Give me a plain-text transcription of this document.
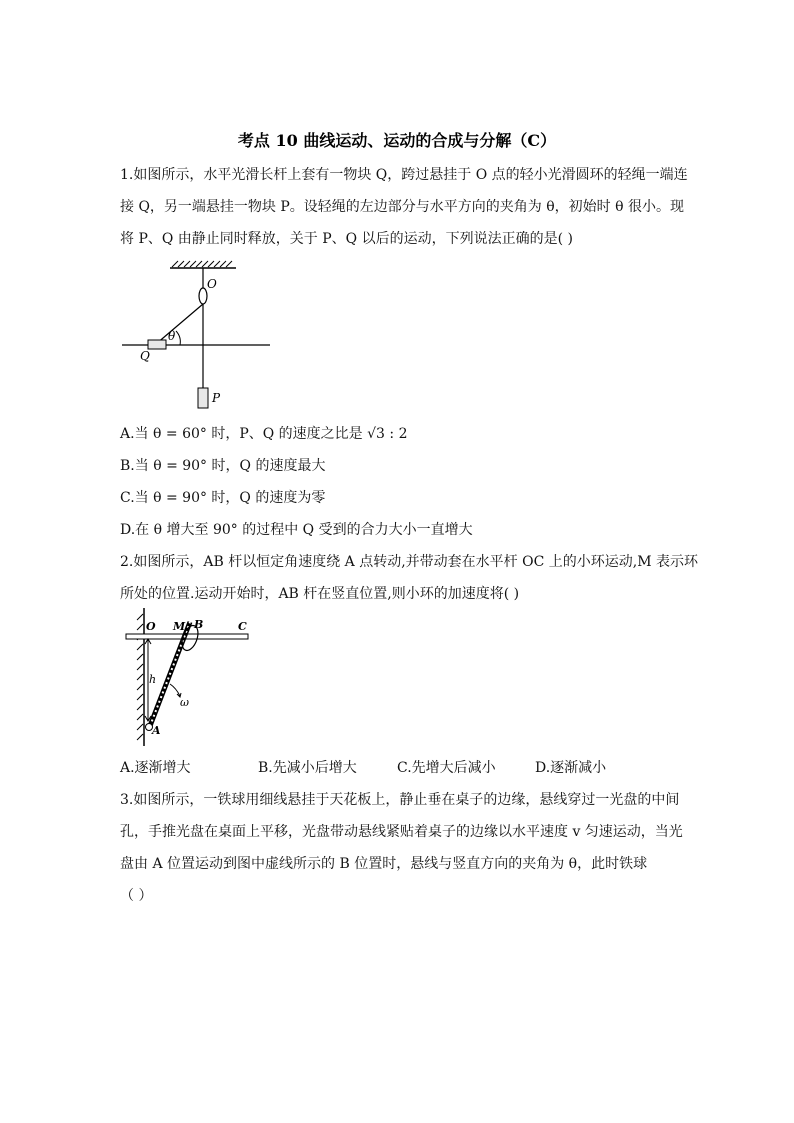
考点 10 曲线运动、运动的合成与分解（C）
1.如图所示，水平光滑长杆上套有一物块 Q，跨过悬挂于 O 点的轻小光滑圆环的轻绳一端连
接 Q，另一端悬挂一物块 P。设轻绳的左边部分与水平方向的夹角为 θ，初始时 θ 很小。现
将 P、Q 由静止同时释放，关于 P、Q 以后的运动，下列说法正确的是( )
O
θ
Q
P
A.当 θ = 60° 时，P、Q 的速度之比是 √3 : 2
B.当 θ = 90° 时，Q 的速度最大
C.当 θ = 90° 时，Q 的速度为零
D.在 θ 增大至 90° 的过程中 Q 受到的合力大小一直增大
2.如图所示，AB 杆以恒定角速度绕 A 点转动,并带动套在水平杆 OC 上的小环运动,M 表示环
所处的位置.运动开始时，AB 杆在竖直位置,则小环的加速度将( )
O M B	C
h
ω
A
A.逐渐增大	B.先减小后增大	C.先增大后减小	D.逐渐减小
3.如图所示，一铁球用细线悬挂于天花板上，静止垂在桌子的边缘，悬线穿过一光盘的中间
孔，手推光盘在桌面上平移，光盘带动悬线紧贴着桌子的边缘以水平速度 v 匀速运动，当光
盘由 A 位置运动到图中虚线所示的 B 位置时，悬线与竖直方向的夹角为 θ，此时铁球
（ ）
